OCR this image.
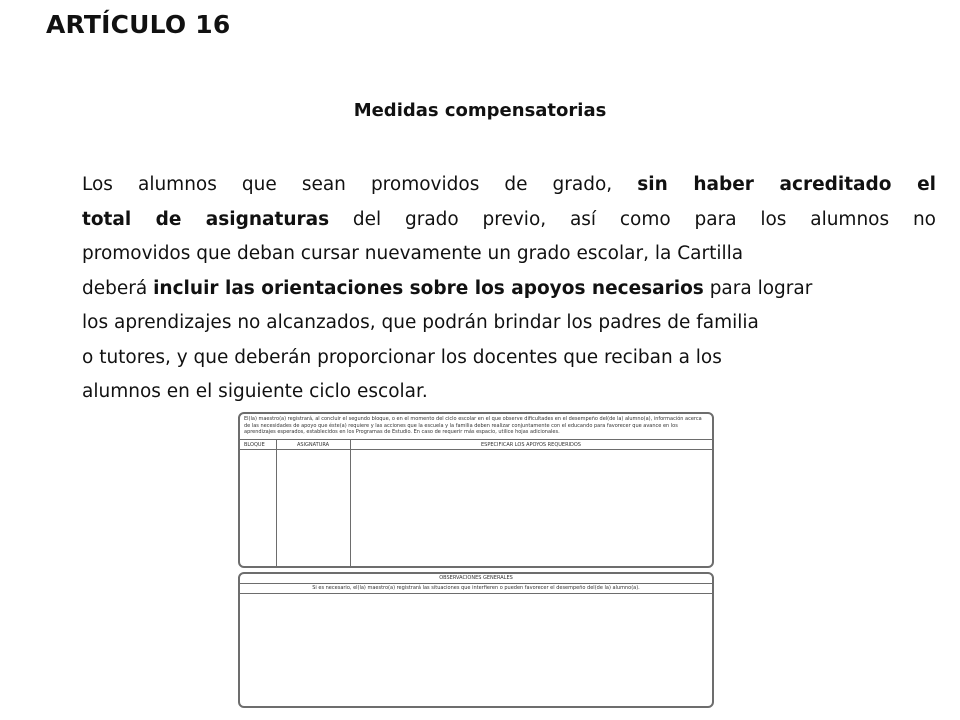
ARTÍCULO 16
Medidas compensatorias
Los alumnos que sean promovidos de grado, sin haber acreditado el
total de asignaturas del grado previo, así como para los alumnos no
promovidos que deban cursar nuevamente un grado escolar, la Cartilla
deberá incluir las orientaciones sobre los apoyos necesarios para lograr
los aprendizajes no alcanzados, que podrán brindar los padres de familia
o tutores, y que deberán proporcionar los docentes que reciban a los
alumnos en el siguiente ciclo escolar.
El(la) maestro(a) registrará, al concluir el segundo bloque, o en el momento del ciclo escolar en el que observe dificultades en el desempeño del(de la) alumno(a), información acerca de las necesidades de apoyo que éste(a) requiere y las acciones que la escuela y la familia deben realizar conjuntamente con el educando para favorecer que avance en los aprendizajes esperados, establecidos en los Programas de Estudio. En caso de requerir más espacio, utilice hojas adicionales.
BLOQUE	ASIGNATURA	ESPECIFICAR LOS APOYOS REQUERIDOS
OBSERVACIONES GENERALES
Si es necesario, el(la) maestro(a) registrará las situaciones que interfieren o pueden favorecer el desempeño del(de la) alumno(a).
